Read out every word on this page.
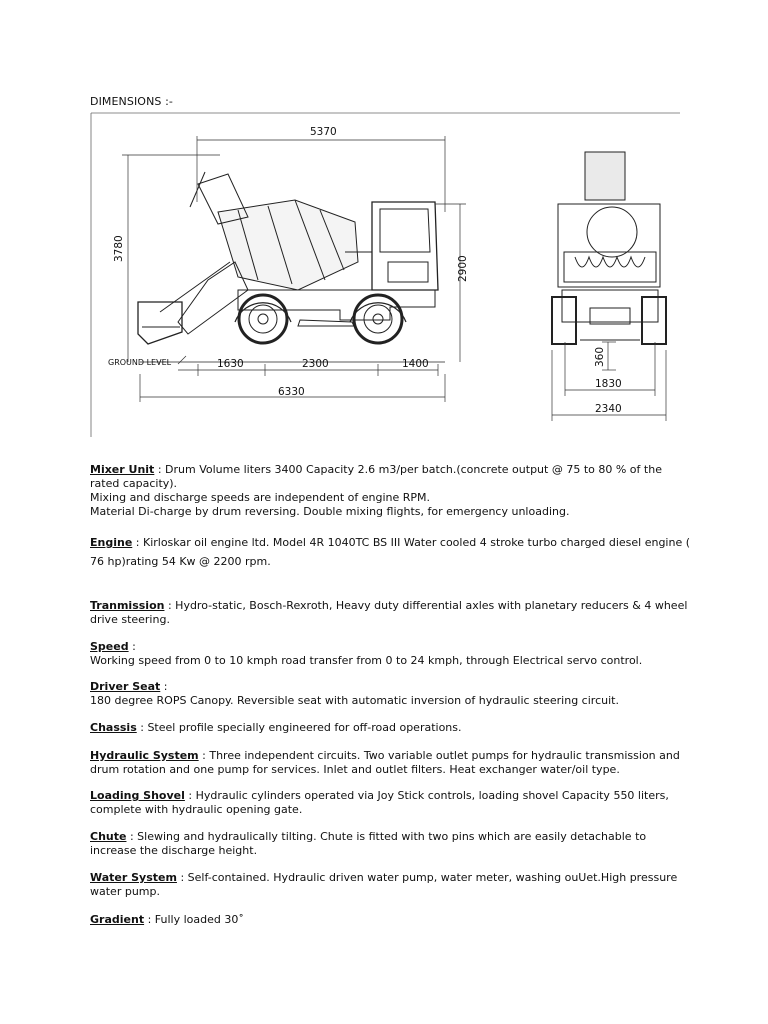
DIMENSIONS :-
5370
3780
2900
GROUND LEVEL	1630	2300	1400
6330
360
1830
2340
Mixer Unit : Drum Volume liters 3400 Capacity 2.6 m3/per batch.(concrete output @ 75 to 80 % of the rated capacity).
Mixing and discharge speeds are independent of engine RPM.
Material Di-charge by drum reversing. Double mixing flights, for emergency unloading.
Engine : Kirloskar oil engine ltd. Model 4R 1040TC BS III Water cooled 4 stroke turbo charged diesel engine ( 76 hp)rating 54 Kw @ 2200 rpm.
Tranmission : Hydro-static, Bosch-Rexroth, Heavy duty differential axles with planetary reducers & 4 wheel drive steering.
Speed :
Working speed from 0 to 10 kmph road transfer from 0 to 24 kmph, through Electrical servo control.
Driver Seat :
180 degree ROPS Canopy. Reversible seat with automatic inversion of hydraulic steering circuit.
Chassis : Steel profile specially engineered for off-road operations.
Hydraulic System : Three independent circuits. Two variable outlet pumps for hydraulic transmission and drum rotation and one pump for services. Inlet and outlet filters. Heat exchanger water/oil type.
Loading Shovel : Hydraulic cylinders operated via Joy Stick controls, loading shovel Capacity 550 liters, complete with hydraulic opening gate.
Chute : Slewing and hydraulically tilting. Chute is fitted with two pins which are easily detachable to increase the discharge height.
Water System : Self-contained. Hydraulic driven water pump, water meter, washing ouUet.High pressure water pump.
Gradient : Fully loaded 30˚
